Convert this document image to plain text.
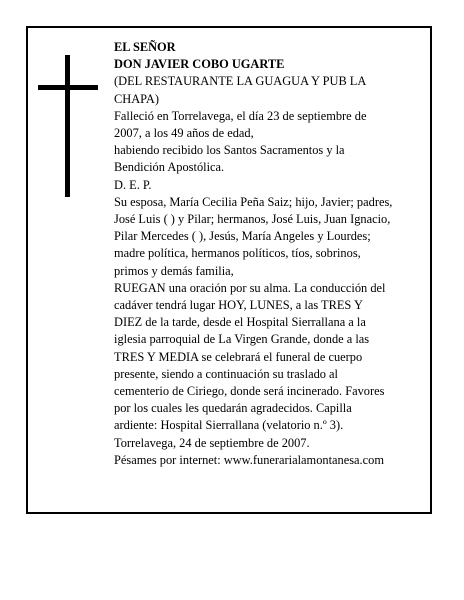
EL SEÑOR
DON JAVIER COBO UGARTE
(DEL RESTAURANTE LA GUAGUA Y PUB LA
CHAPA)
Falleció en Torrelavega, el día 23 de septiembre de
2007, a los 49 años de edad,
habiendo recibido los Santos Sacramentos y la
Bendición Apostólica.
D. E. P.
Su esposa, María Cecilia Peña Saiz; hijo, Javier; padres,
José Luis ( ) y Pilar; hermanos, José Luis, Juan Ignacio,
Pilar Mercedes ( ), Jesús, María Angeles y Lourdes;
madre política, hermanos políticos, tíos, sobrinos,
primos y demás familia,
RUEGAN una oración por su alma. La conducción del
cadáver tendrá lugar HOY, LUNES, a las TRES Y
DIEZ de la tarde, desde el Hospital Sierrallana a la
iglesia parroquial de La Virgen Grande, donde a las
TRES Y MEDIA se celebrará el funeral de cuerpo
presente, siendo a continuación su traslado al
cementerio de Ciriego, donde será incinerado. Favores
por los cuales les quedarán agradecidos. Capilla
ardiente: Hospital Sierrallana (velatorio n.º 3).
Torrelavega, 24 de septiembre de 2007.
Pésames por internet: www.funerarialamontanesa.com
